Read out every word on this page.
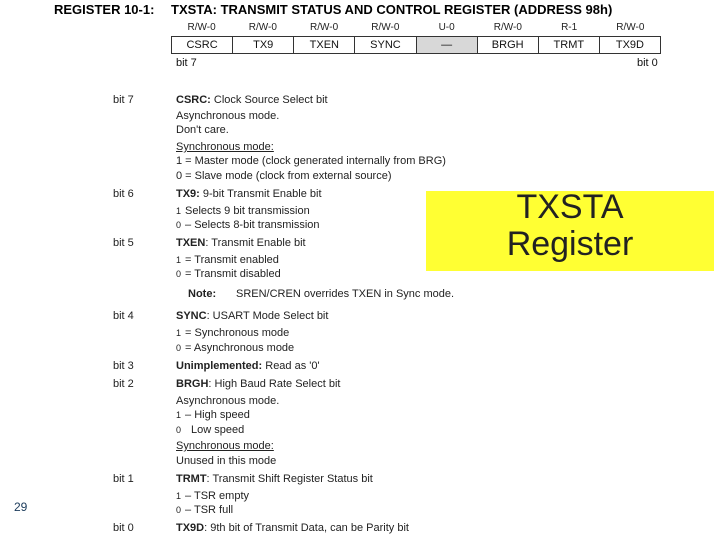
REGISTER 10-1: TXSTA: TRANSMIT STATUS AND CONTROL REGISTER (ADDRESS 98h)
R/W-0	R/W-0	R/W-0	R/W-0	U-0	R/W-0	R-1	R/W-0
CSRC	TX9	TXEN	SYNC	—	BRGH	TRMT	TX9D
bit 7	bit 0
bit 7	CSRC: Clock Source Select bit
Asynchronous mode.
Don't care.
Synchronous mode:
1 = Master mode (clock generated internally from BRG)
0 = Slave mode (clock from external source)
bit 6	TX9: 9-bit Transmit Enable bit
1 Selects 9 bit transmission
0 – Selects 8-bit transmission
bit 5	TXEN: Transmit Enable bit
1 = Transmit enabled
0 = Transmit disabled
Note: SREN/CREN overrides TXEN in Sync mode.
bit 4	SYNC: USART Mode Select bit
1 = Synchronous mode
0 = Asynchronous mode
bit 3	Unimplemented: Read as '0'
bit 2	BRGH: High Baud Rate Select bit
Asynchronous mode.
1 – High speed
0 Low speed
Synchronous mode:
Unused in this mode
bit 1	TRMT: Transmit Shift Register Status bit
1 – TSR empty
0 – TSR full
bit 0	TX9D: 9th bit of Transmit Data, can be Parity bit
TXSTA
Register
29
